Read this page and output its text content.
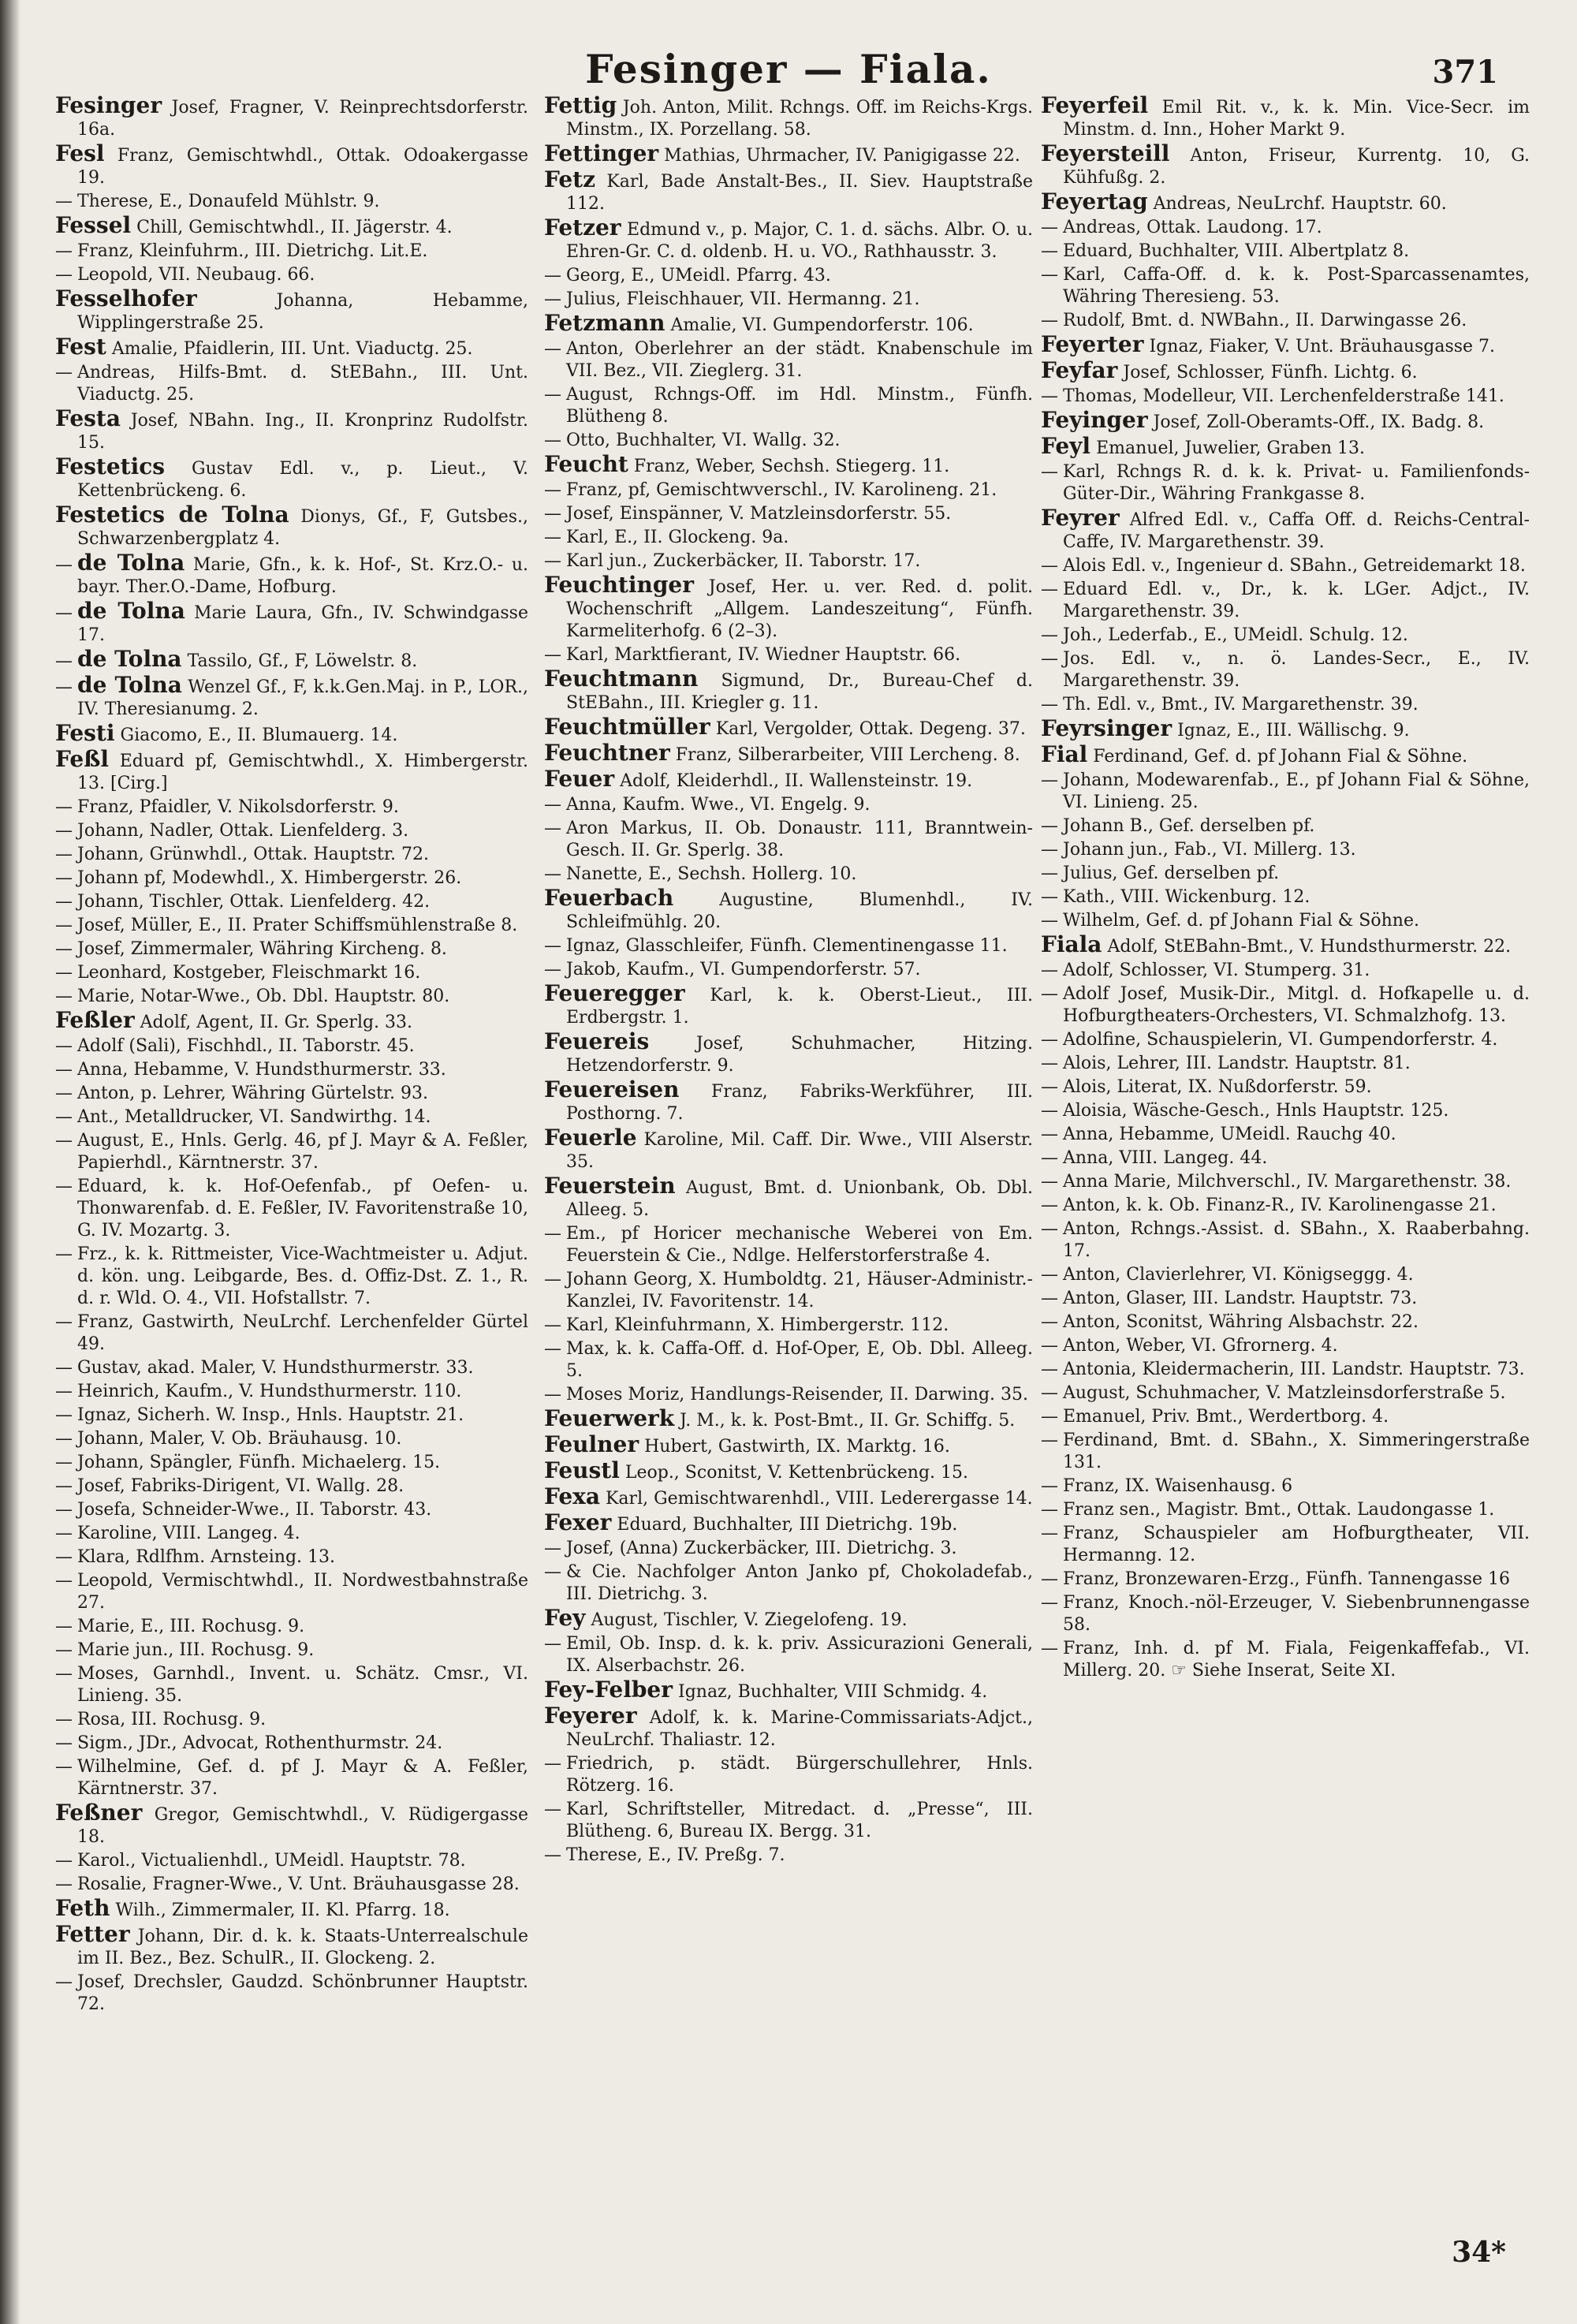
Fesinger — Fiala.	371
Fesinger Josef, Fragner, V. Reinprechtsdorferstr. 16a.
Fesl Franz, Gemischtwhdl., Ottak. Odoakergasse 19.
— Therese, E., Donaufeld Mühlstr. 9.
Fessel Chill, Gemischtwhdl., II. Jägerstr. 4.
— Franz, Kleinfuhrm., III. Dietrichg. Lit.E.
— Leopold, VII. Neubaug. 66.
Fesselhofer	Johanna, Hebamme, Wipplingerstraße 25.
Fest Amalie, Pfaidlerin, III. Unt. Viaductg. 25.
— Andreas, Hilfs-Bmt. d. StEBahn., III. Unt. Viaductg. 25.
Festa Josef, NBahn. Ing., II. Kronprinz Rudolfstr. 15.
Festetics Gustav Edl. v., p. Lieut., V. Kettenbrückeng. 6.
Festetics de Tolna Dionys, Gf., F, Gutsbes., Schwarzenbergplatz 4.
— de Tolna Marie, Gfn., k. k. Hof-, St. Krz.O.- u. bayr. Ther.O.-Dame, Hofburg.
— de Tolna Marie Laura, Gfn., IV. Schwindgasse 17.
— de Tolna Tassilo, Gf., F, Löwelstr. 8.
— de Tolna Wenzel Gf., F, k.k.Gen.Maj. in P., LOR., IV. Theresianumg. 2.
Festi Giacomo, E., II. Blumauerg. 14.
Feßl Eduard pf, Gemischtwhdl., X. Himbergerstr. 13. [Cirg.]
— Franz, Pfaidler, V. Nikolsdorferstr. 9.
— Johann, Nadler, Ottak. Lienfelderg. 3.
— Johann, Grünwhdl., Ottak. Hauptstr. 72.
— Johann pf, Modewhdl., X. Himbergerstr. 26.
— Johann, Tischler, Ottak. Lienfelderg. 42.
— Josef, Müller, E., II. Prater Schiffsmühlenstraße 8.
— Josef, Zimmermaler, Währing Kircheng. 8.
— Leonhard, Kostgeber, Fleischmarkt 16.
— Marie, Notar-Wwe., Ob. Dbl. Hauptstr. 80.
Feßler Adolf, Agent, II. Gr. Sperlg. 33.
— Adolf (Sali), Fischhdl., II. Taborstr. 45.
— Anna, Hebamme, V. Hundsthurmerstr. 33.
— Anton, p. Lehrer, Währing Gürtelstr. 93.
— Ant., Metalldrucker, VI. Sandwirthg. 14.
— August, E., Hnls. Gerlg. 46, pf J. Mayr & A. Feßler, Papierhdl., Kärntnerstr. 37.
— Eduard, k. k. Hof-Oefenfab., pf Oefen- u. Thonwarenfab. d. E. Feßler, IV. Favoritenstraße 10, G. IV. Mozartg. 3.
— Frz., k. k. Rittmeister, Vice-Wachtmeister u. Adjut. d. kön. ung. Leibgarde, Bes. d. Offiz-Dst. Z. 1., R. d. r. Wld. O. 4., VII. Hofstallstr. 7.
— Franz, Gastwirth, NeuLrchf. Lerchenfelder Gürtel 49.
— Gustav, akad. Maler, V. Hundsthurmerstr. 33.
— Heinrich, Kaufm., V. Hundsthurmerstr. 110.
— Ignaz, Sicherh. W. Insp., Hnls. Hauptstr. 21.
— Johann, Maler, V. Ob. Bräuhausg. 10.
— Johann, Spängler, Fünfh. Michaelerg. 15.
— Josef, Fabriks-Dirigent, VI. Wallg. 28.
— Josefa, Schneider-Wwe., II. Taborstr. 43.
— Karoline, VIII. Langeg. 4.
— Klara, Rdlfhm. Arnsteing. 13.
— Leopold, Vermischtwhdl., II. Nordwestbahnstraße 27.
— Marie, E., III. Rochusg. 9.
— Marie jun., III. Rochusg. 9.
— Moses, Garnhdl., Invent. u. Schätz. Cmsr., VI. Linieng. 35.
— Rosa, III. Rochusg. 9.
— Sigm., JDr., Advocat, Rothenthurmstr. 24.
— Wilhelmine, Gef. d. pf J. Mayr & A. Feßler, Kärntnerstr. 37.
Feßner Gregor, Gemischtwhdl., V. Rüdigergasse 18.
— Karol., Victualienhdl., UMeidl. Hauptstr. 78.
— Rosalie, Fragner-Wwe., V. Unt. Bräuhausgasse 28.
Feth Wilh., Zimmermaler, II. Kl. Pfarrg. 18.
Fetter Johann, Dir. d. k. k. Staats-Unterrealschule im II. Bez., Bez. SchulR., II. Glockeng. 2.
— Josef, Drechsler, Gaudzd. Schönbrunner Hauptstr. 72.
Fettig Joh. Anton, Milit. Rchngs. Off. im Reichs-Krgs. Minstm., IX. Porzellang. 58.
Fettinger Mathias, Uhrmacher, IV. Panigigasse 22.
Fetz Karl, Bade Anstalt-Bes., II. Siev. Hauptstraße 112.
Fetzer Edmund v., p. Major, C. 1. d. sächs. Albr. O. u. Ehren-Gr. C. d. oldenb. H. u. VO., Rathhausstr. 3.
— Georg, E., UMeidl. Pfarrg. 43.
— Julius, Fleischhauer, VII. Hermanng. 21.
Fetzmann Amalie, VI. Gumpendorferstr. 106.
— Anton, Oberlehrer an der städt. Knabenschule im VII. Bez., VII. Zieglerg. 31.
— August, Rchngs-Off. im Hdl. Minstm., Fünfh. Blütheng 8.
— Otto, Buchhalter, VI. Wallg. 32.
Feucht Franz, Weber, Sechsh. Stiegerg. 11.
— Franz, pf, Gemischtwverschl., IV. Karolineng. 21.
— Josef, Einspänner, V. Matzleinsdorferstr. 55.
— Karl, E., II. Glockeng. 9a.
— Karl jun., Zuckerbäcker, II. Taborstr. 17.
Feuchtinger Josef, Her. u. ver. Red. d. polit. Wochenschrift „Allgem. Landeszeitung“, Fünfh. Karmeliterhofg. 6 (2–3).
— Karl, Marktfierant, IV. Wiedner Hauptstr. 66.
Feuchtmann Sigmund, Dr., Bureau-Chef d. StEBahn., III. Kriegler g. 11.
Feuchtmüller Karl, Vergolder, Ottak. Degeng. 37.
Feuchtner Franz, Silberarbeiter, VIII Lercheng. 8.
Feuer Adolf, Kleiderhdl., II. Wallensteinstr. 19.
— Anna, Kaufm. Wwe., VI. Engelg. 9.
— Aron Markus, II. Ob. Donaustr. 111, Branntwein-Gesch. II. Gr. Sperlg. 38.
— Nanette, E., Sechsh. Hollerg. 10.
Feuerbach	Augustine, Blumenhdl., IV. Schleifmühlg. 20.
— Ignaz, Glasschleifer, Fünfh. Clementinengasse 11.
— Jakob, Kaufm., VI. Gumpendorferstr. 57.
Feueregger Karl, k. k. Oberst-Lieut., III. Erdbergstr. 1.
Feuereis	Josef, Schuhmacher, Hitzing. Hetzendorferstr. 9.
Feuereisen Franz, Fabriks-Werkführer, III. Posthorng. 7.
Feuerle Karoline, Mil. Caff. Dir. Wwe., VIII Alserstr. 35.
Feuerstein August, Bmt. d. Unionbank, Ob. Dbl. Alleeg. 5.
— Em., pf Horicer mechanische Weberei von Em. Feuerstein & Cie., Ndlge. Helferstorferstraße 4.
— Johann Georg, X. Humboldtg. 21, Häuser-Administr.-Kanzlei, IV. Favoritenstr. 14.
— Karl, Kleinfuhrmann, X. Himbergerstr. 112.
— Max, k. k. Caffa-Off. d. Hof-Oper, E, Ob. Dbl. Alleeg. 5.
— Moses Moriz, Handlungs-Reisender, II. Darwing. 35.
Feuerwerk J. M., k. k. Post-Bmt., II. Gr. Schiffg. 5.
Feulner Hubert, Gastwirth, IX. Marktg. 16.
Feustl Leop., Sconitst, V. Kettenbrückeng. 15.
Fexa Karl, Gemischtwarenhdl., VIII. Lederergasse 14.
Fexer Eduard, Buchhalter, III Dietrichg. 19b.
— Josef, (Anna) Zuckerbäcker, III. Dietrichg. 3.
— & Cie. Nachfolger Anton Janko pf, Chokoladefab., III. Dietrichg. 3.
Fey August, Tischler, V. Ziegelofeng. 19.
— Emil, Ob. Insp. d. k. k. priv. Assicurazioni Generali, IX. Alserbachstr. 26.
Fey-Felber Ignaz, Buchhalter, VIII Schmidg. 4.
Feyerer Adolf, k. k. Marine-Commissariats-Adjct., NeuLrchf. Thaliastr. 12.
— Friedrich, p. städt. Bürgerschullehrer, Hnls. Rötzerg. 16.
— Karl, Schriftsteller, Mitredact. d. „Presse“, III. Blütheng. 6, Bureau IX. Bergg. 31.
— Therese, E., IV. Preßg. 7.
Feyerfeil Emil Rit. v., k. k. Min. Vice-Secr. im Minstm. d. Inn., Hoher Markt 9.
Feyersteill Anton, Friseur, Kurrentg. 10, G. Kühfußg. 2.
Feyertag Andreas, NeuLrchf. Hauptstr. 60.
— Andreas, Ottak. Laudong. 17.
— Eduard, Buchhalter, VIII. Albertplatz 8.
— Karl, Caffa-Off. d. k. k. Post-Sparcassenamtes, Währing Theresieng. 53.
— Rudolf, Bmt. d. NWBahn., II. Darwingasse 26.
Feyerter Ignaz, Fiaker, V. Unt. Bräuhausgasse 7.
Feyfar Josef, Schlosser, Fünfh. Lichtg. 6.
— Thomas, Modelleur, VII. Lerchenfelderstraße 141.
Feyinger Josef, Zoll-Oberamts-Off., IX. Badg. 8.
Feyl Emanuel, Juwelier, Graben 13.
— Karl, Rchngs R. d. k. k. Privat- u. Familienfonds-Güter-Dir., Währing Frankgasse 8.
Feyrer Alfred Edl. v., Caffa Off. d. Reichs-Central-Caffe, IV. Margarethenstr. 39.
— Alois Edl. v., Ingenieur d. SBahn., Getreidemarkt 18.
— Eduard Edl. v., Dr., k. k. LGer. Adjct., IV. Margarethenstr. 39.
— Joh., Lederfab., E., UMeidl. Schulg. 12.
— Jos. Edl. v., n. ö. Landes-Secr., E., IV. Margarethenstr. 39.
— Th. Edl. v., Bmt., IV. Margarethenstr. 39.
Feyrsinger Ignaz, E., III. Wällischg. 9.
Fial Ferdinand, Gef. d. pf Johann Fial & Söhne.
— Johann, Modewarenfab., E., pf Johann Fial & Söhne, VI. Linieng. 25.
— Johann B., Gef. derselben pf.
— Johann jun., Fab., VI. Millerg. 13.
— Julius, Gef. derselben pf.
— Kath., VIII. Wickenburg. 12.
— Wilhelm, Gef. d. pf Johann Fial & Söhne.
Fiala Adolf, StEBahn-Bmt., V. Hundsthurmerstr. 22.
— Adolf, Schlosser, VI. Stumperg. 31.
— Adolf Josef, Musik-Dir., Mitgl. d. Hofkapelle u. d. Hofburgtheaters-Orchesters, VI. Schmalzhofg. 13.
— Adolfine, Schauspielerin, VI. Gumpendorferstr. 4.
— Alois, Lehrer, III. Landstr. Hauptstr. 81.
— Alois, Literat, IX. Nußdorferstr. 59.
— Aloisia, Wäsche-Gesch., Hnls Hauptstr. 125.
— Anna, Hebamme, UMeidl. Rauchg 40.
— Anna, VIII. Langeg. 44.
— Anna Marie, Milchverschl., IV. Margarethenstr. 38.
— Anton, k. k. Ob. Finanz-R., IV. Karolinengasse 21.
— Anton, Rchngs.-Assist. d. SBahn., X. Raaberbahng. 17.
— Anton, Clavierlehrer, VI. Königseggg. 4.
— Anton, Glaser, III. Landstr. Hauptstr. 73.
— Anton, Sconitst, Währing Alsbachstr. 22.
— Anton, Weber, VI. Gfrornerg. 4.
— Antonia, Kleidermacherin, III. Landstr. Hauptstr. 73.
— August, Schuhmacher, V. Matzleinsdorferstraße 5.
— Emanuel, Priv. Bmt., Werdertborg. 4.
— Ferdinand, Bmt. d. SBahn., X. Simmeringerstraße 131.
— Franz, IX. Waisenhausg. 6
— Franz sen., Magistr. Bmt., Ottak. Laudongasse 1.
— Franz, Schauspieler am Hofburgtheater, VII. Hermanng. 12.
— Franz, Bronzewaren-Erzg., Fünfh. Tannengasse 16
— Franz, Knoch.-nöl-Erzeuger, V. Siebenbrunnengasse 58.
— Franz, Inh. d. pf M. Fiala, Feigenkaffefab., VI. Millerg. 20. ☞ Siehe Inserat, Seite XI.
34*
